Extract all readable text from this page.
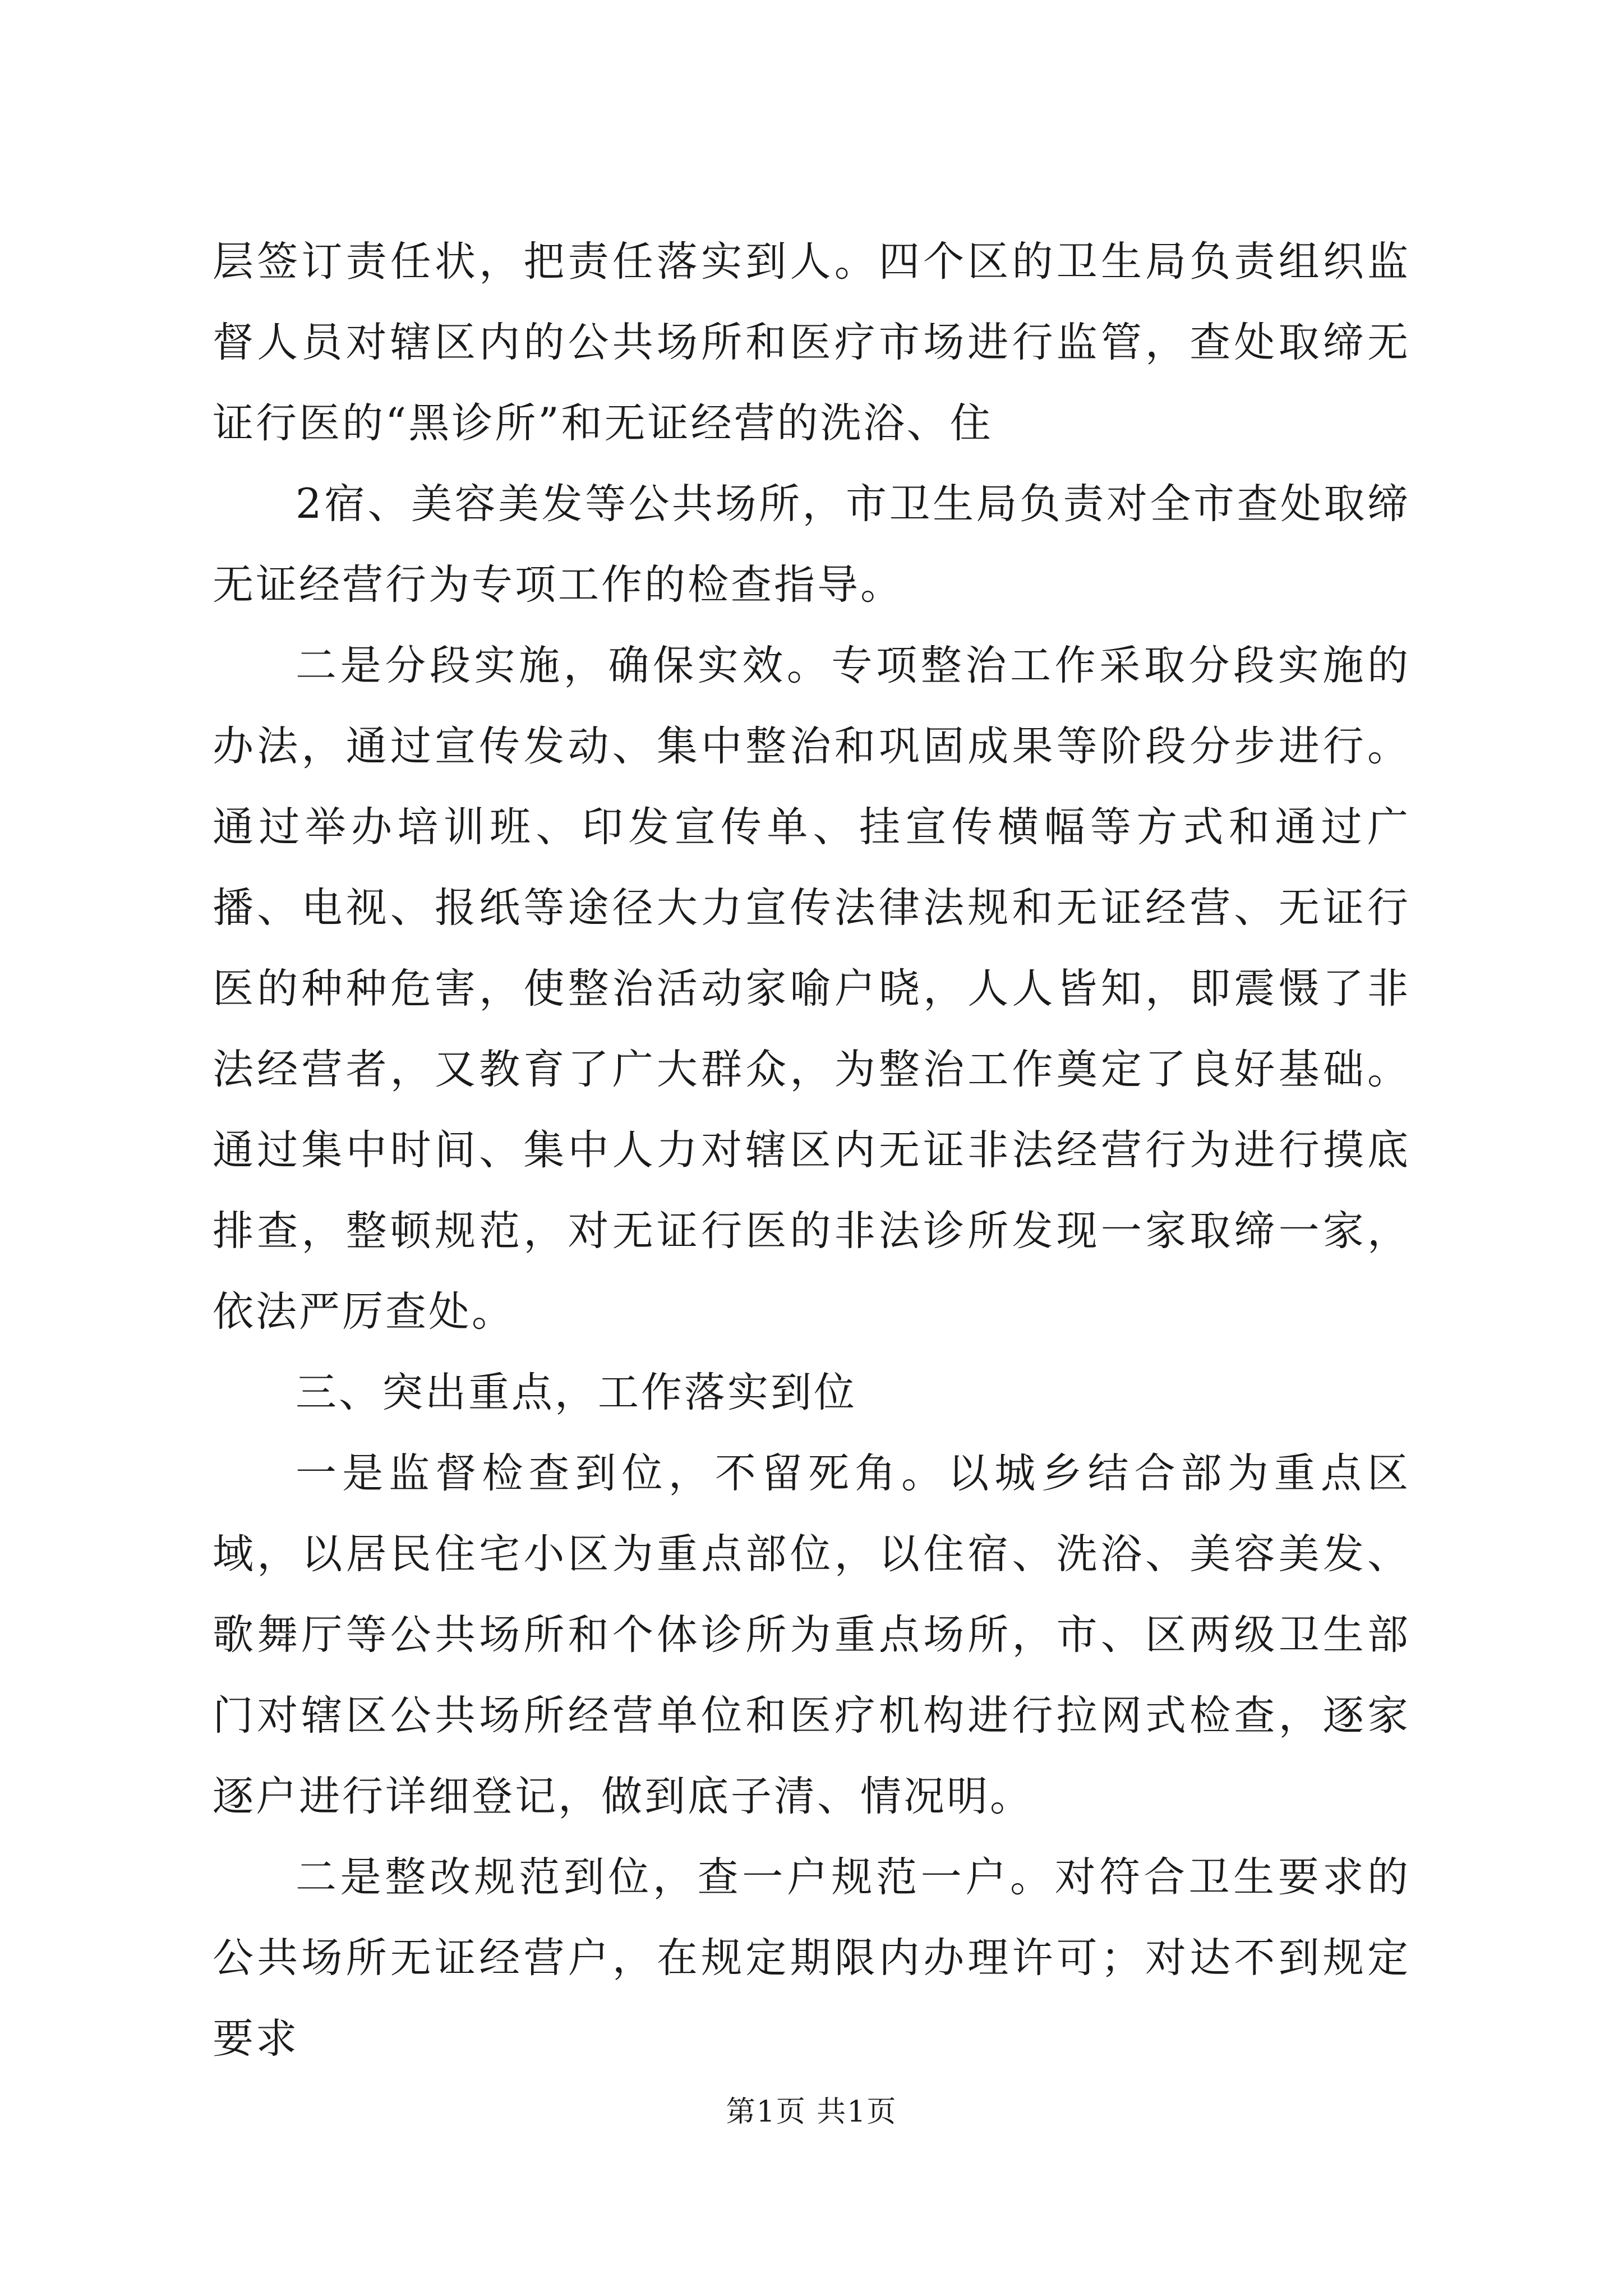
层签订责任状，把责任落实到人。四个区的卫生局负责组织监督人员对辖区内的公共场所和医疗市场进行监管，查处取缔无证行医的“黑诊所”和无证经营的洗浴、住

2宿、美容美发等公共场所，市卫生局负责对全市查处取缔无证经营行为专项工作的检查指导。

二是分段实施，确保实效。专项整治工作采取分段实施的办法，通过宣传发动、集中整治和巩固成果等阶段分步进行。通过举办培训班、印发宣传单、挂宣传横幅等方式和通过广播、电视、报纸等途径大力宣传法律法规和无证经营、无证行医的种种危害，使整治活动家喻户晓，人人皆知，即震慑了非法经营者，又教育了广大群众，为整治工作奠定了良好基础。通过集中时间、集中人力对辖区内无证非法经营行为进行摸底排查，整顿规范，对无证行医的非法诊所发现一家取缔一家，依法严厉查处。

三、突出重点，工作落实到位

一是监督检查到位，不留死角。以城乡结合部为重点区域，以居民住宅小区为重点部位，以住宿、洗浴、美容美发、歌舞厅等公共场所和个体诊所为重点场所，市、区两级卫生部门对辖区公共场所经营单位和医疗机构进行拉网式检查，逐家逐户进行详细登记，做到底子清、情况明。

二是整改规范到位，查一户规范一户。对符合卫生要求的公共场所无证经营户，在规定期限内办理许可；对达不到规定要求

第1页 共1页
